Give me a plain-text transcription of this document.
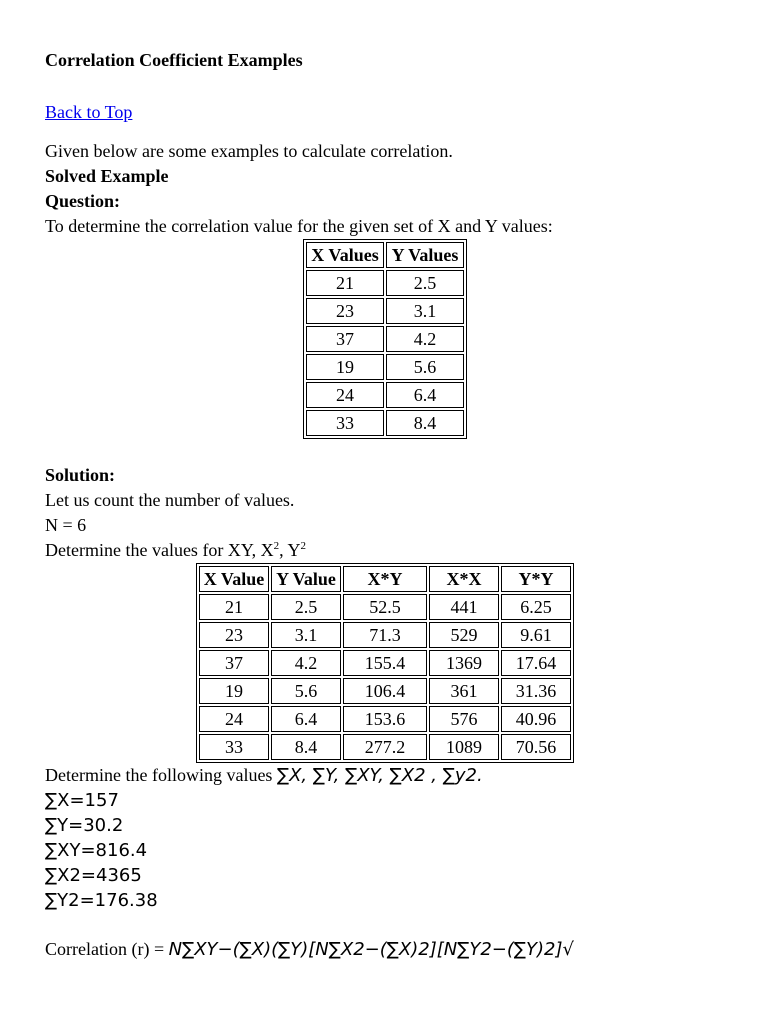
Correlation Coefficient Examples

Back to Top

Given below are some examples to calculate correlation.

Solved Example

Question:

To determine the correlation value for the given set of X and Y values:

X Values	Y Values
21	2.5
23	3.1
37	4.2
19	5.6
24	6.4
33	8.4

Solution:

Let us count the number of values.

N = 6

Determine the values for XY, $X^2$, $Y^2$

X Value	Y Value	X*Y	X*X	Y*Y
21	2.5	52.5	441	6.25
23	3.1	71.3	529	9.61
37	4.2	155.4	1369	17.64
19	5.6	106.4	361	31.36
24	6.4	153.6	576	40.96
33	8.4	277.2	1089	70.56

Determine the following values ∑X, ∑Y, ∑XY, ∑X2 , ∑y2.

∑X=157
∑Y=30.2
∑XY=816.4
∑X2=4365
∑Y2=176.38

Correlation (r) = N∑XY−(∑X)(∑Y)[N∑X2−(∑X)2][N∑Y2−(∑Y)2]√
